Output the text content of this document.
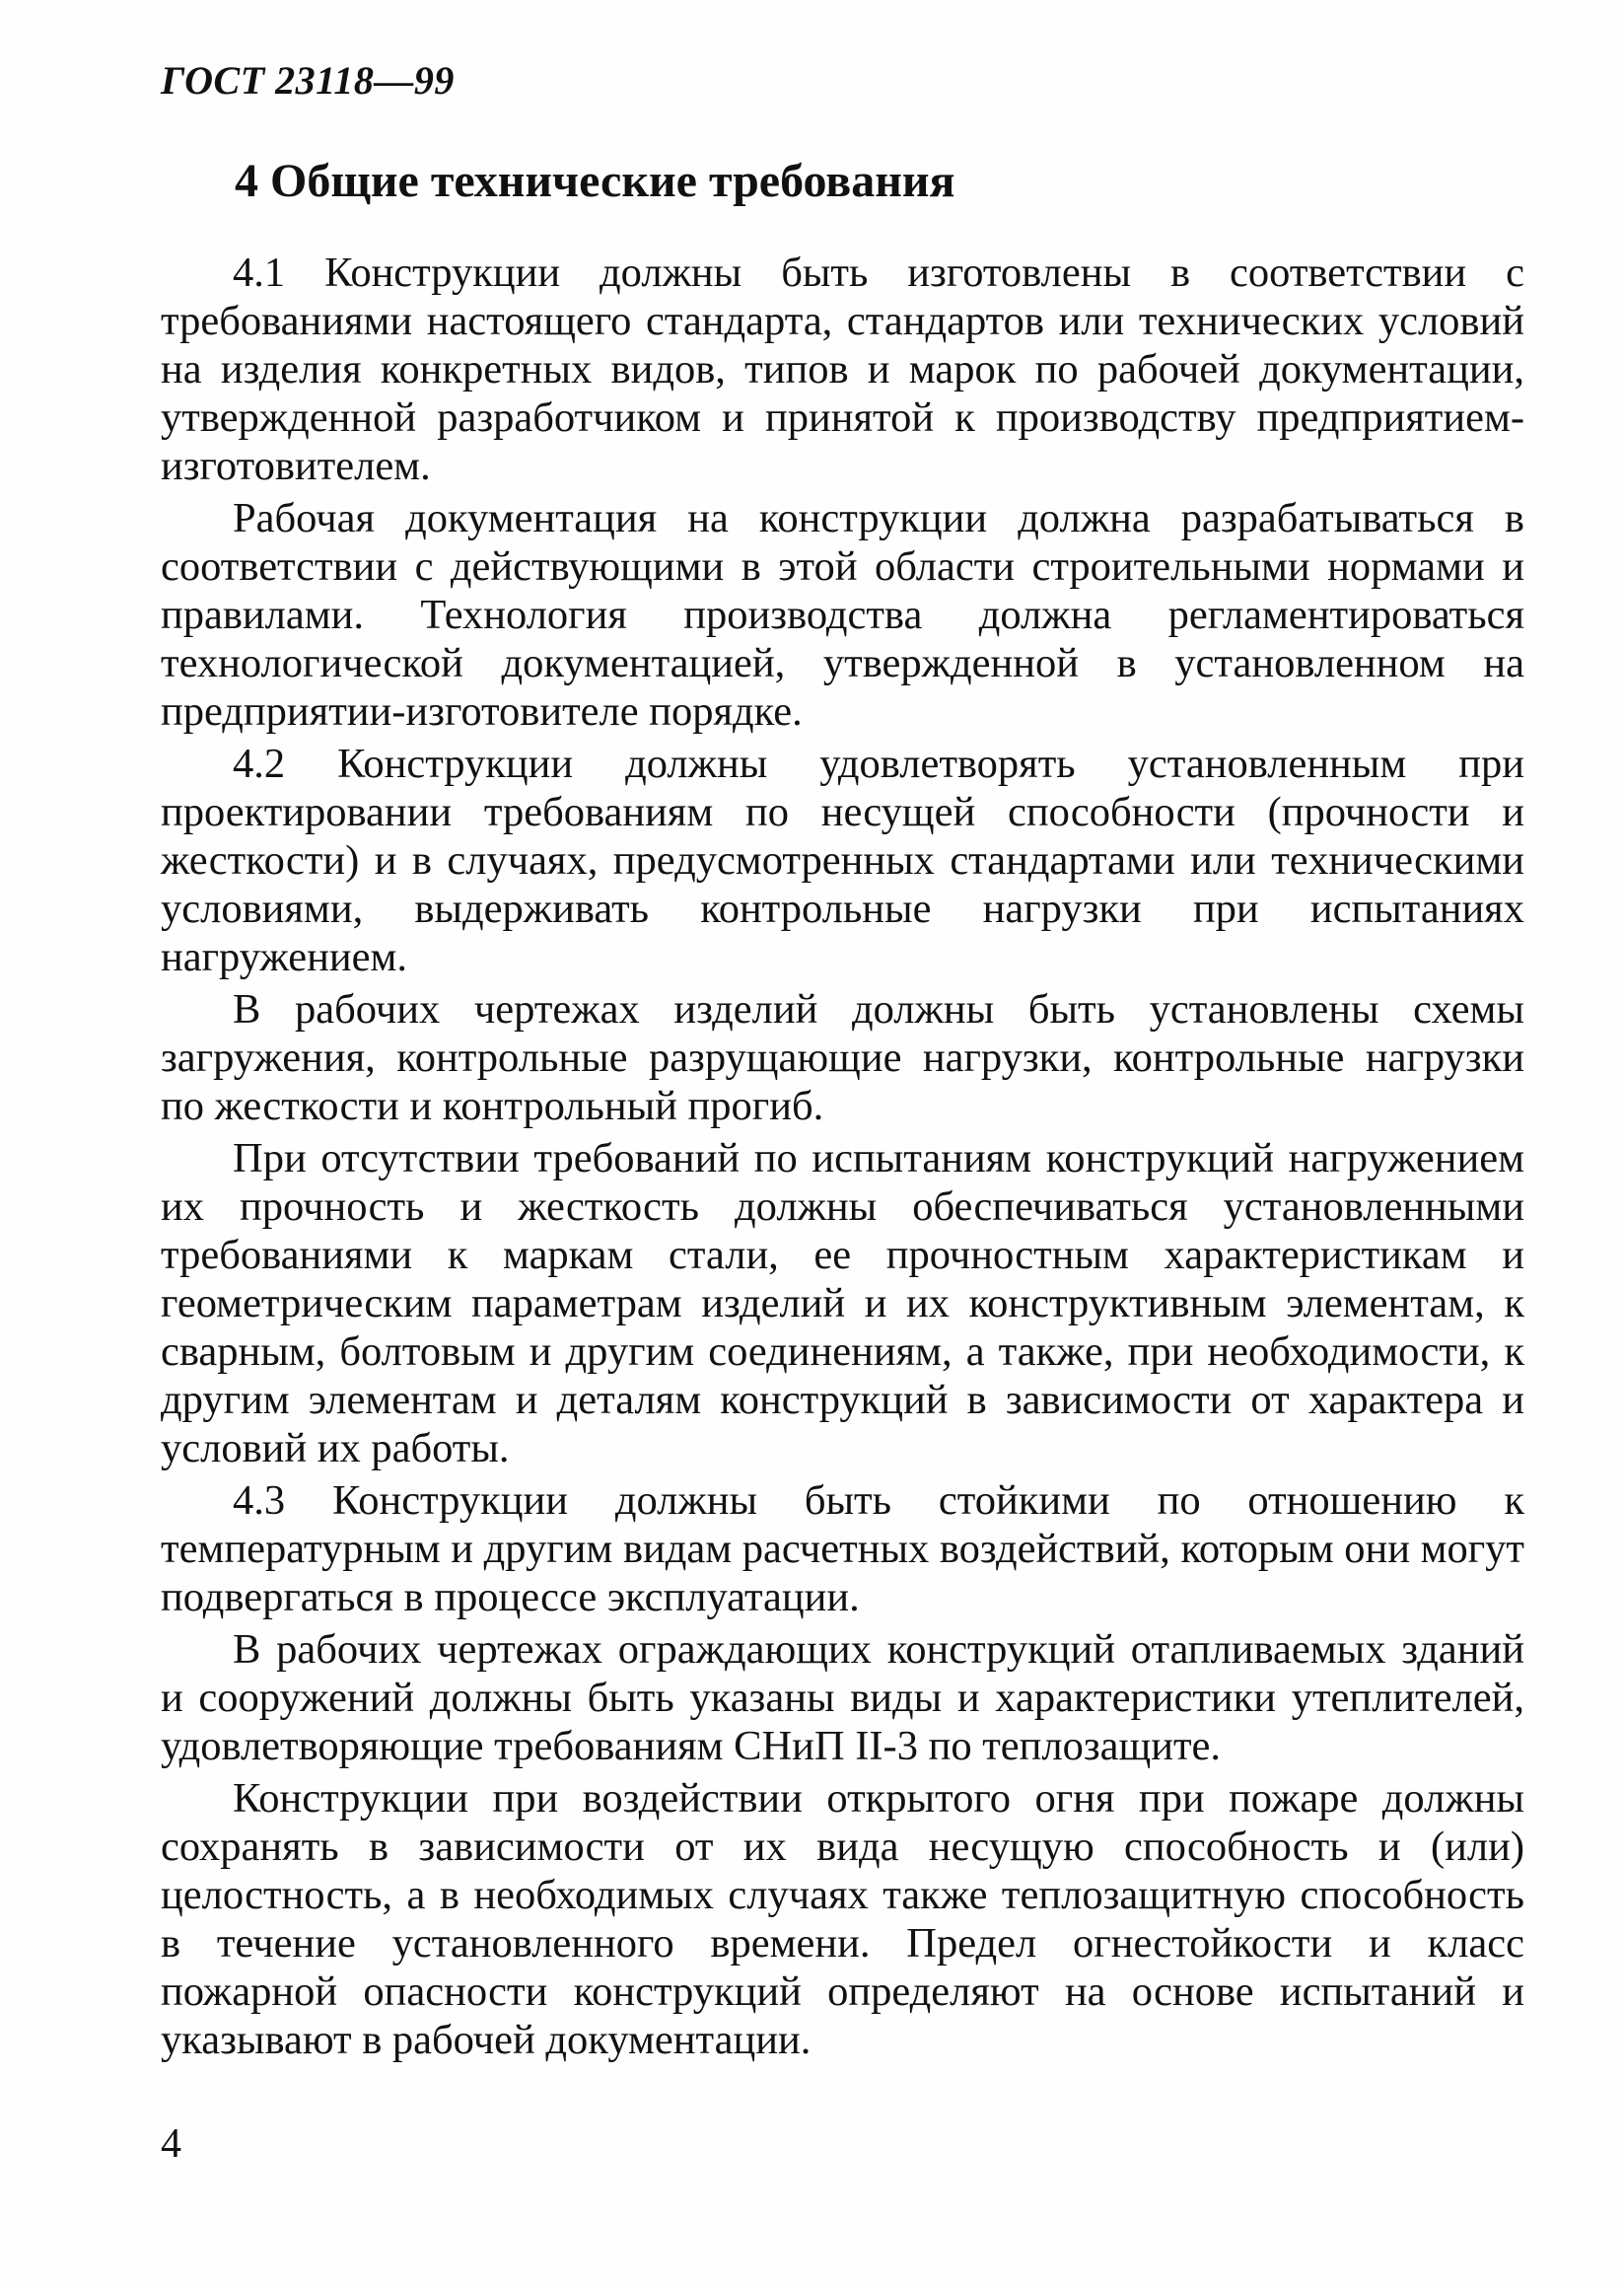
ГОСТ 23118—99
4 Общие технические требования

4.1 Конструкции должны быть изготовлены в соответствии с требованиями настоящего стандарта, стандартов или технических условий на изделия конкретных видов, типов и марок по рабочей документации, утвержденной разработчиком и принятой к производству предприятием-изготовителем.

Рабочая документация на конструкции должна разрабатываться в соответствии с действующими в этой области строительными нормами и правилами. Технология производства должна регламентироваться технологической документацией, утвержденной в установленном на предприятии-изготовителе порядке.

4.2 Конструкции должны удовлетворять установленным при проектировании требованиям по несущей способности (прочности и жесткости) и в случаях, предусмотренных стандартами или техническими условиями, выдерживать контрольные нагрузки при испытаниях нагружением.

В рабочих чертежах изделий должны быть установлены схемы загружения, контрольные разрущающие нагрузки, контрольные нагрузки по жесткости и контрольный прогиб.

При отсутствии требований по испытаниям конструкций нагружением их прочность и жесткость должны обеспечиваться установленными требованиями к маркам стали, ее прочностным характеристикам и геометрическим параметрам изделий и их конструктивным элементам, к сварным, болтовым и другим соединениям, а также, при необходимости, к другим элементам и деталям конструкций в зависимости от характера и условий их работы.

4.3 Конструкции должны быть стойкими по отношению к температурным и другим видам расчетных воздействий, которым они могут подвергаться в процессе эксплуатации.

В рабочих чертежах ограждающих конструкций отапливаемых зданий и сооружений должны быть указаны виды и характеристики утеплителей, удовлетворяющие требованиям СНиП II-3 по теплозащите.

Конструкции при воздействии открытого огня при пожаре должны сохранять в зависимости от их вида несущую способность и (или) целостность, а в необходимых случаях также теплозащитную способность в течение установленного времени. Предел огнестойкости и класс пожарной опасности конструкций определяют на основе испытаний и указывают в рабочей документации.

4
